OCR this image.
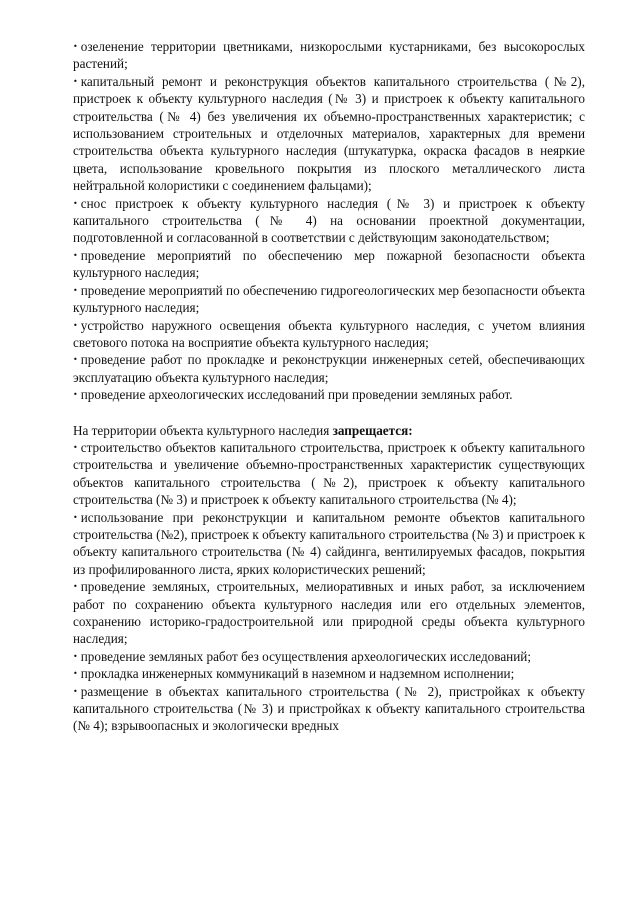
• озеленение территории цветниками, низкорослыми кустарниками, без высокорослых растений;

• капитальный ремонт и реконструкция объектов капитального строительства (№2), пристроек к объекту культурного наследия (№ 3) и пристроек к объекту капитального строительства (№ 4) без увеличения их объемно-пространственных характеристик; с использованием строительных и отделочных материалов, характерных для времени строительства объекта культурного наследия (штукатурка, окраска фасадов в неяркие цвета, использование кровельного покрытия из плоского металлического листа нейтральной колористики с соединением фальцами);

• снос пристроек к объекту культурного наследия (№ 3) и пристроек к объекту капитального строительства (№ 4) на основании проектной документации, подготовленной и согласованной в соответствии с действующим законодательством;

• проведение мероприятий по обеспечению мер пожарной безопасности объекта культурного наследия;

• проведение мероприятий по обеспечению гидрогеологических мер безопасности объекта культурного наследия;

• устройство наружного освещения объекта культурного наследия, с учетом влияния светового потока на восприятие объекта культурного наследия;

• проведение работ по прокладке и реконструкции инженерных сетей, обеспечивающих эксплуатацию объекта культурного наследия;

• проведение археологических исследований при проведении земляных работ.

На территории объекта культурного наследия запрещается:

• строительство объектов капитального строительства, пристроек к объекту капитального строительства и увеличение объемно-пространственных характеристик существующих объектов капитального строительства (№2), пристроек к объекту капитального строительства (№ 3) и пристроек к объекту капитального строительства (№ 4);

• использование при реконструкции и капитальном ремонте объектов капитального строительства (№2), пристроек к объекту капитального строительства (№ 3) и пристроек к объекту капитального строительства (№ 4) сайдинга, вентилируемых фасадов, покрытия из профилированного листа, ярких колористических решений;

• проведение земляных, строительных, мелиоративных и иных работ, за исключением работ по сохранению объекта культурного наследия или его отдельных элементов, сохранению историко-градостроительной или природной среды объекта культурного наследия;

• проведение земляных работ без осуществления археологических исследований;

• прокладка инженерных коммуникаций в наземном и надземном исполнении;

• размещение в объектах капитального строительства (№ 2), пристройках к объекту капитального строительства (№ 3) и пристройках к объекту капитального строительства (№ 4); взрывоопасных и экологически вредных
